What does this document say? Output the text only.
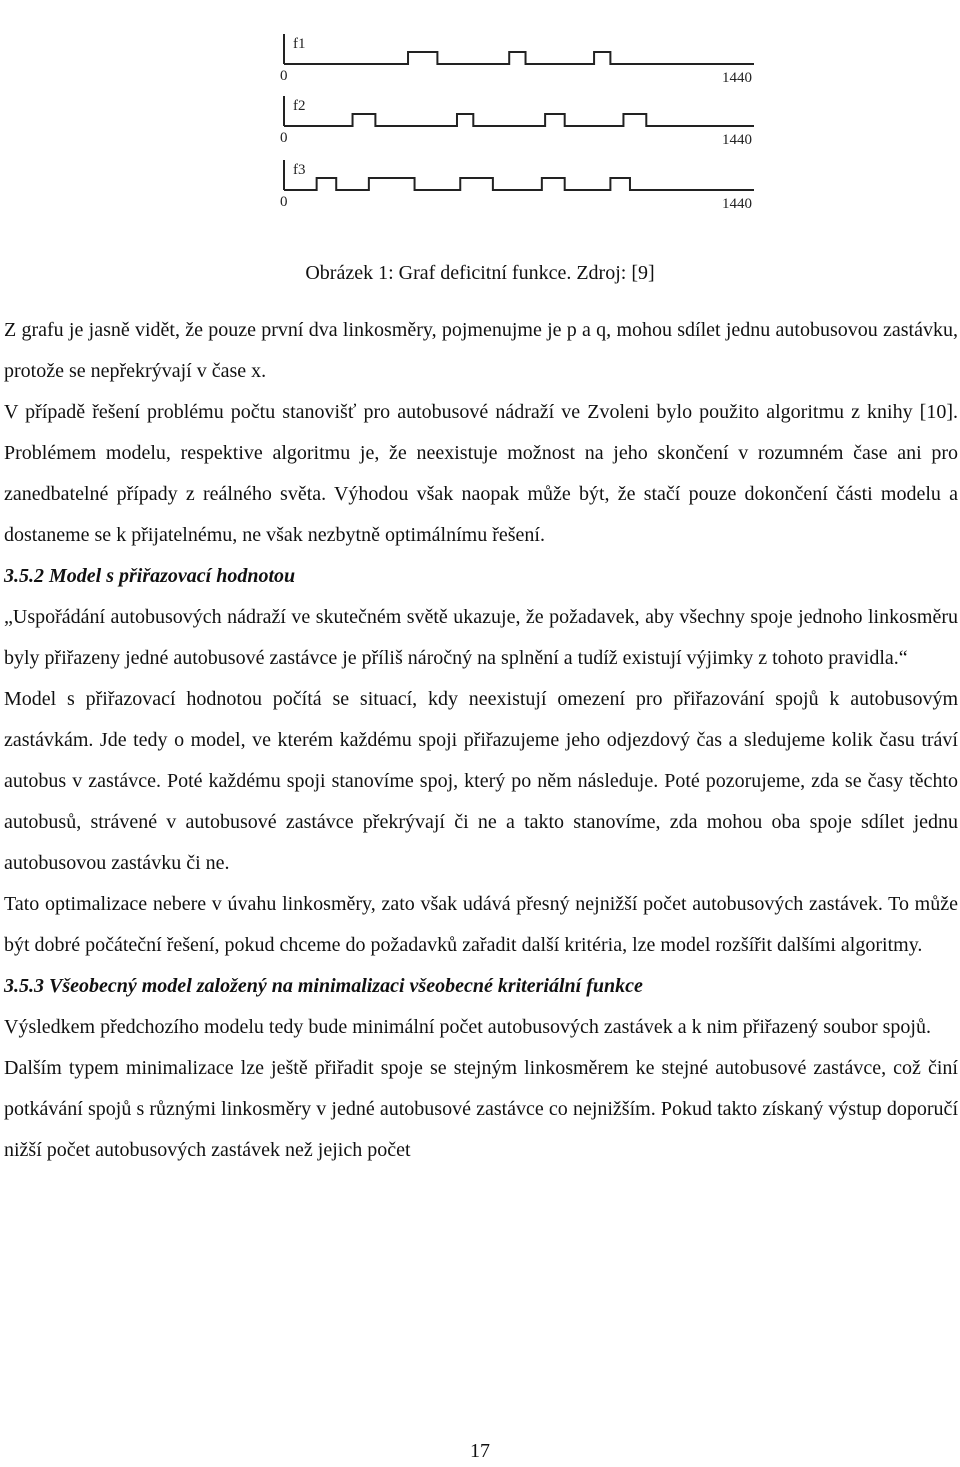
f1
0	1440
f2
0	1440
f3
0	1440
Obrázek 1: Graf deficitní funkce. Zdroj: [9]

Z grafu je jasně vidět, že pouze první dva linkosměry, pojmenujme je p a q, mohou sdílet jednu autobusovou zastávku, protože se nepřekrývají v čase x.

V případě řešení problému počtu stanovišť pro autobusové nádraží ve Zvoleni bylo použito algoritmu z knihy [10]. Problémem modelu, respektive algoritmu je, že neexistuje možnost na jeho skončení v rozumném čase ani pro zanedbatelné případy z reálného světa. Výhodou však naopak může být, že stačí pouze dokončení části modelu a dostaneme se k přijatelnému, ne však nezbytně optimálnímu řešení.

3.5.2 Model s přiřazovací hodnotou

„Uspořádání autobusových nádraží ve skutečném světě ukazuje, že požadavek, aby všechny spoje jednoho linkosměru byly přiřazeny jedné autobusové zastávce je příliš náročný na splnění a tudíž existují výjimky z tohoto pravidla.“

Model s přiřazovací hodnotou počítá se situací, kdy neexistují omezení pro přiřazování spojů k autobusovým zastávkám. Jde tedy o model, ve kterém každému spoji přiřazujeme jeho odjezdový čas a sledujeme kolik času tráví autobus v zastávce. Poté každému spoji stanovíme spoj, který po něm následuje. Poté pozorujeme, zda se časy těchto autobusů, strávené v autobusové zastávce překrývají či ne a takto stanovíme, zda mohou oba spoje sdílet jednu autobusovou zastávku či ne.

Tato optimalizace nebere v úvahu linkosměry, zato však udává přesný nejnižší počet autobusových zastávek. To může být dobré počáteční řešení, pokud chceme do požadavků zařadit další kritéria, lze model rozšířit dalšími algoritmy.

3.5.3 Všeobecný model založený na minimalizaci všeobecné kriteriální funkce

Výsledkem předchozího modelu tedy bude minimální počet autobusových zastávek a k nim přiřazený soubor spojů.

Dalším typem minimalizace lze ještě přiřadit spoje se stejným linkosměrem ke stejné autobusové zastávce, což činí potkávání spojů s různými linkosměry v jedné autobusové zastávce co nejnižším. Pokud takto získaný výstup doporučí nižší počet autobusových zastávek než jejich počet

17
